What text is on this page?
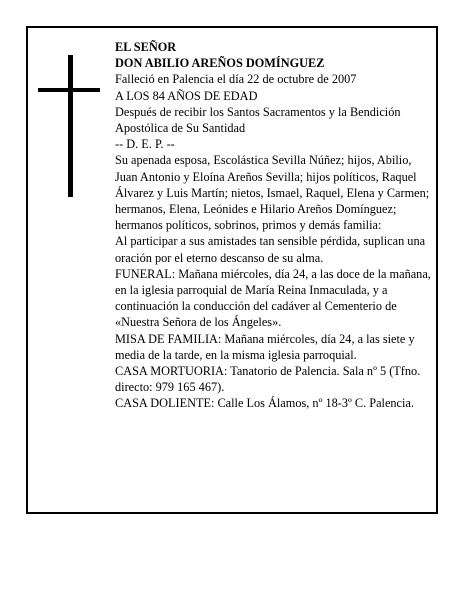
EL SEÑOR

DON ABILIO AREÑOS DOMÍNGUEZ

Falleció en Palencia el día 22 de octubre de 2007

A LOS 84 AÑOS DE EDAD

Después de recibir los Santos Sacramentos y la Bendición Apostólica de Su Santidad

-- D. E. P. --

Su apenada esposa, Escolástica Sevilla Núñez; hijos, Abilio, Juan Antonio y Eloína Areños Sevilla; hijos políticos, Raquel Álvarez y Luis Martín; nietos, Ismael, Raquel, Elena y Carmen; hermanos, Elena, Leónides e Hilario Areños Domínguez; hermanos políticos, sobrinos, primos y demás familia:

Al participar a sus amistades tan sensible pérdida, suplican una oración por el eterno descanso de su alma.

FUNERAL: Mañana miércoles, día 24, a las doce de la mañana, en la iglesia parroquial de María Reina Inmaculada, y a continuación la conducción del cadáver al Cementerio de «Nuestra Señora de los Ángeles».

MISA DE FAMILIA: Mañana miércoles, día 24, a las siete y media de la tarde, en la misma iglesia parroquial.

CASA MORTUORIA: Tanatorio de Palencia. Sala nº 5 (Tfno. directo: 979 165 467).

CASA DOLIENTE: Calle Los Álamos, nº 18-3º C. Palencia.
